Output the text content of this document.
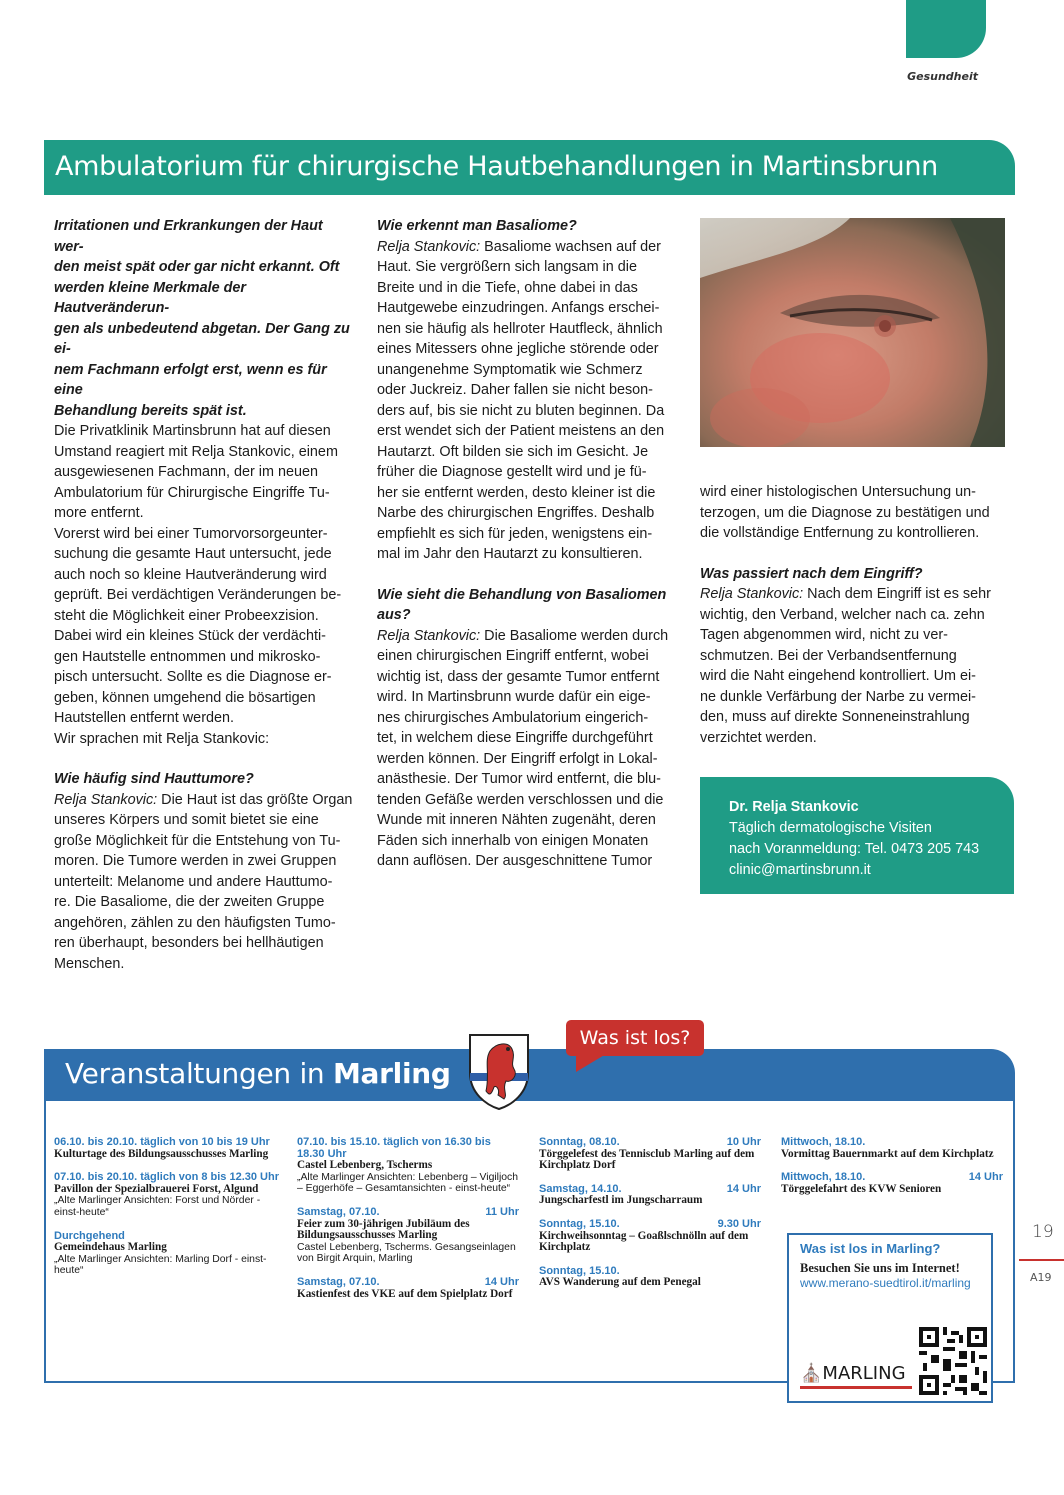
Gesundheit
Ambulatorium für chirurgische Hautbehandlungen in Martinsbrunn

Irritationen und Erkrankungen der Haut wer-
den meist spät oder gar nicht erkannt. Oft
werden kleine Merkmale der Hautveränderun-
gen als unbedeutend abgetan. Der Gang zu ei-
nem Fachmann erfolgt erst, wenn es für eine
Behandlung bereits spät ist.

Die Privatklinik Martinsbrunn hat auf diesen
Umstand reagiert mit Relja Stankovic, einem
ausgewiesenen Fachmann, der im neuen
Ambulatorium für Chirurgische Eingriffe Tu-
more entfernt.

Vorerst wird bei einer Tumorvorsorgeunter-
suchung die gesamte Haut untersucht, jede
auch noch so kleine Hautveränderung wird
geprüft. Bei verdächtigen Veränderungen be-
steht die Möglichkeit einer Probeexzision.
Dabei wird ein kleines Stück der verdächti-
gen Hautstelle entnommen und mikrosko-
pisch untersucht. Sollte es die Diagnose er-
geben, können umgehend die bösartigen
Hautstellen entfernt werden.
Wir sprachen mit Relja Stankovic:

Wie häufig sind Hauttumore?

Relja Stankovic: Die Haut ist das größte Organ
unseres Körpers und somit bietet sie eine
große Möglichkeit für die Entstehung von Tu-
moren. Die Tumore werden in zwei Gruppen
unterteilt: Melanome und andere Hauttumo-
re. Die Basaliome, die der zweiten Gruppe
angehören, zählen zu den häufigsten Tumo-
ren überhaupt, besonders bei hellhäutigen
Menschen.

Wie erkennt man Basaliome?

Relja Stankovic: Basaliome wachsen auf der
Haut. Sie vergrößern sich langsam in die
Breite und in die Tiefe, ohne dabei in das
Hautgewebe einzudringen. Anfangs erschei-
nen sie häufig als hellroter Hautfleck, ähnlich
eines Mitessers ohne jegliche störende oder
unangenehme Symptomatik wie Schmerz
oder Juckreiz. Daher fallen sie nicht beson-
ders auf, bis sie nicht zu bluten beginnen. Da
erst wendet sich der Patient meistens an den
Hautarzt. Oft bilden sie sich im Gesicht. Je
früher die Diagnose gestellt wird und je fü-
her sie entfernt werden, desto kleiner ist die
Narbe des chirurgischen Engriffes. Deshalb
empfiehlt es sich für jeden, wenigstens ein-
mal im Jahr den Hautarzt zu konsultieren.

Wie sieht die Behandlung von Basaliomen
aus?

Relja Stankovic: Die Basaliome werden durch
einen chirurgischen Eingriff entfernt, wobei
wichtig ist, dass der gesamte Tumor entfernt
wird. In Martinsbrunn wurde dafür ein eige-
nes chirurgisches Ambulatorium eingerich-
tet, in welchem diese Eingriffe durchgeführt
werden können. Der Eingriff erfolgt in Lokal-
anästhesie. Der Tumor wird entfernt, die blu-
tenden Gefäße werden verschlossen und die
Wunde mit inneren Nähten zugenäht, deren
Fäden sich innerhalb von einigen Monaten
dann auflösen. Der ausgeschnittene Tumor

wird einer histologischen Untersuchung un-
terzogen, um die Diagnose zu bestätigen und
die vollständige Entfernung zu kontrollieren.

Was passiert nach dem Eingriff?

Relja Stankovic: Nach dem Eingriff ist es sehr
wichtig, den Verband, welcher nach ca. zehn
Tagen abgenommen wird, nicht zu ver-
schmutzen. Bei der Verbandsentfernung
wird die Naht eingehend kontrolliert. Um ei-
ne dunkle Verfärbung der Narbe zu vermei-
den, muss auf direkte Sonneneinstrahlung
verzichtet werden.

Dr. Relja Stankovic
Täglich dermatologische Visiten
nach Voranmeldung: Tel. 0473 205 743
clinic@martinsbrunn.it
Veranstaltungen in Marling
Was ist los?
06.10. bis 20.10. täglich von 10 bis 19 Uhr
Kulturtage des Bildungsausschusses Marling
07.10. bis 20.10. täglich von 8 bis 12.30 Uhr
Pavillon der Spezialbrauerei Forst, Algund
„Alte Marlinger Ansichten: Forst und Nörder - einst-heute“
Durchgehend
Gemeindehaus Marling
„Alte Marlinger Ansichten: Marling Dorf - einst-heute“
07.10. bis 15.10. täglich von 16.30 bis 18.30 Uhr
Castel Lebenberg, Tscherms
„Alte Marlinger Ansichten: Lebenberg – Vigiljoch – Eggerhöfe – Gesamtansichten - einst-heute“
Samstag, 07.10.	11 Uhr
Feier zum 30-jährigen Jubiläum des Bildungsausschusses Marling
Castel Lebenberg, Tscherms. Gesangseinlagen von Birgit Arquin, Marling
Samstag, 07.10.	14 Uhr
Kastienfest des VKE auf dem Spielplatz Dorf
Sonntag, 08.10.	10 Uhr
Törggelefest des Tennisclub Marling auf dem Kirchplatz Dorf
Samstag, 14.10.	14 Uhr
Jungscharfestl im Jungscharraum
Sonntag, 15.10.	9.30 Uhr
Kirchweihsonntag – Goaßlschnölln auf dem Kirchplatz
Sonntag, 15.10.
AVS Wanderung auf dem Penegal
Mittwoch, 18.10.
Vormittag Bauernmarkt auf dem Kirchplatz
Mittwoch, 18.10.	14 Uhr
Törggelefahrt des KVW Senioren
Was ist los in Marling?
Besuchen Sie uns im Internet!
www.merano-suedtirol.it/marling
⛪MARLING
19
A19
